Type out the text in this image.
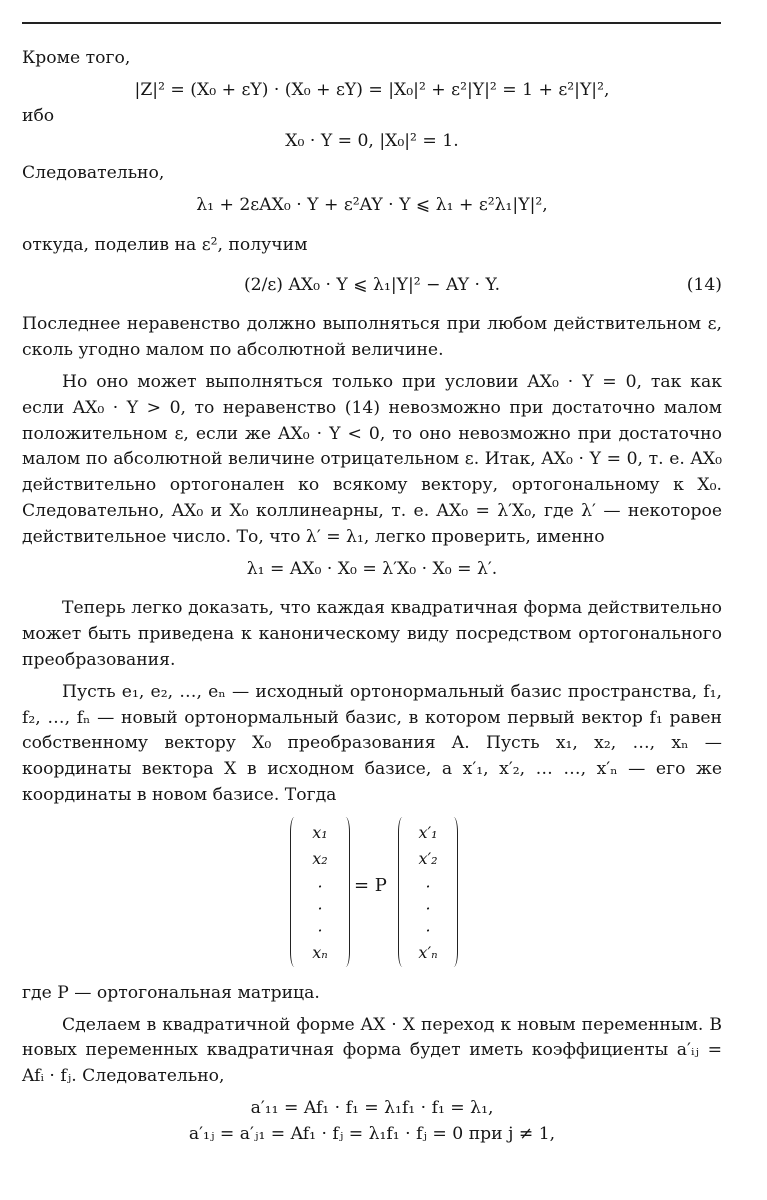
Кроме того,

|Z|² = (X₀ + εY) · (X₀ + εY) = |X₀|² + ε²|Y|² = 1 + ε²|Y|²,

ибо

X₀ · Y = 0, |X₀|² = 1.

Следовательно,

λ₁ + 2εAX₀ · Y + ε²AY · Y ⩽ λ₁ + ε²λ₁|Y|²,

откуда, поделив на ε², получим

(2/ε) AX₀ · Y ⩽ λ₁|Y|² − AY · Y.	(14)

Последнее неравенство должно выполняться при любом действительном ε, сколь угодно малом по абсолютной величине.

Но оно может выполняться только при условии AX₀ · Y = 0, так как если AX₀ · Y > 0, то неравенство (14) невозможно при достаточно малом положительном ε, если же AX₀ · Y < 0, то оно невозможно при достаточно малом по абсолютной величине отрицательном ε. Итак, AX₀ · Y = 0, т. е. AX₀ действительно ортогонален ко всякому вектору, ортогональному к X₀. Следовательно, AX₀ и X₀ коллинеарны, т. е. AX₀ = λ′X₀, где λ′ — некоторое действительное число. То, что λ′ = λ₁, легко проверить, именно

λ₁ = AX₀ · X₀ = λ′X₀ · X₀ = λ′.

Теперь легко доказать, что каждая квадратичная форма действительно может быть приведена к каноническому виду посредством ортогонального преобразования.

Пусть e₁, e₂, …, eₙ — исходный ортонормальный базис пространства, f₁, f₂, …, fₙ — новый ортонормальный базис, в котором первый вектор f₁ равен собственному вектору X₀ преобразования A. Пусть x₁, x₂, …, xₙ — координаты вектора X в исходном базисе, а x′₁, x′₂, … …, x′ₙ — его же координаты в новом базисе. Тогда

x₁
x₂
·
·
·
xₙ
= P
x′₁
x′₂
·
·
·
x′ₙ

где P — ортогональная матрица.

Сделаем в квадратичной форме AX · X переход к новым переменным. В новых переменных квадратичная форма будет иметь коэффициенты a′ᵢⱼ = Afᵢ · fⱼ. Следовательно,

a′₁₁ = Af₁ · f₁ = λ₁f₁ · f₁ = λ₁,

a′₁ⱼ = a′ⱼ₁ = Af₁ · fⱼ = λ₁f₁ · fⱼ = 0 при j ≠ 1,
